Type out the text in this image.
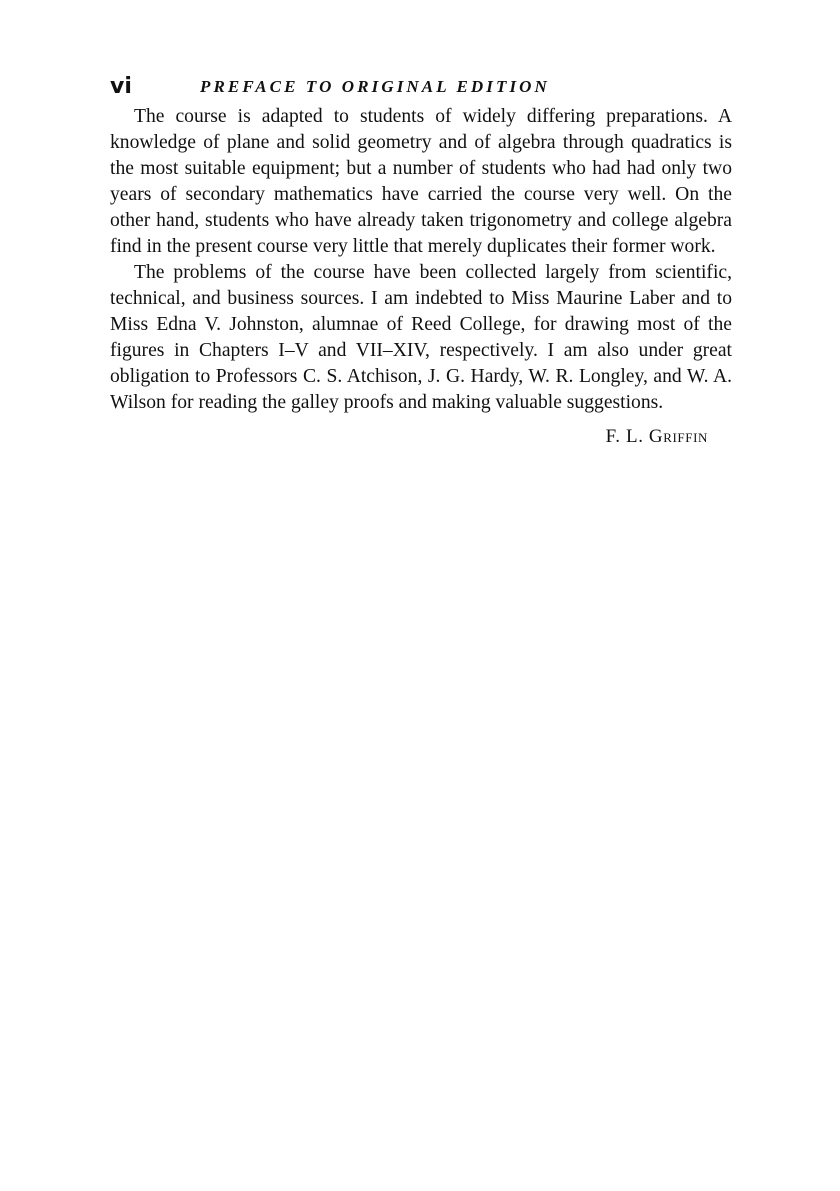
vi	PREFACE TO ORIGINAL EDITION

The course is adapted to students of widely differing preparations. A knowledge of plane and solid geometry and of algebra through quadratics is the most suitable equipment; but a number of students who had had only two years of secondary mathematics have carried the course very well. On the other hand, students who have already taken trigonometry and college algebra find in the present course very little that merely duplicates their former work.

The problems of the course have been collected largely from scientific, technical, and business sources. I am indebted to Miss Maurine Laber and to Miss Edna V. Johnston, alumnae of Reed College, for drawing most of the figures in Chapters I–V and VII–XIV, respectively. I am also under great obligation to Professors C. S. Atchison, J. G. Hardy, W. R. Longley, and W. A. Wilson for reading the galley proofs and making valuable suggestions.

F. L. Griffin
